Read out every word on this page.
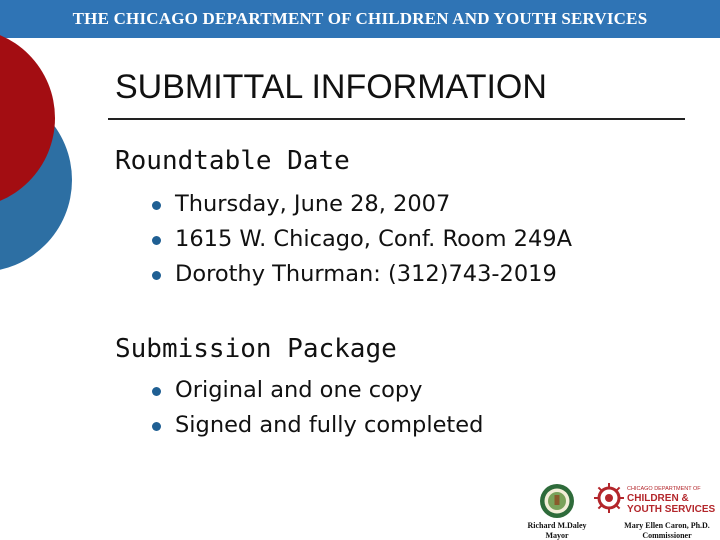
THE CHICAGO DEPARTMENT OF CHILDREN AND YOUTH SERVICES
SUBMITTAL INFORMATION
Roundtable Date
Thursday, June 28, 2007
1615 W. Chicago, Conf. Room 249A
Dorothy Thurman: (312)743-2019
Submission Package
Original and one copy
Signed and fully completed
Richard M.Daley
Mayor
CHICAGO DEPARTMENT OF
CHILDREN &
YOUTH SERVICES
Mary Ellen Caron, Ph.D.
Commissioner
